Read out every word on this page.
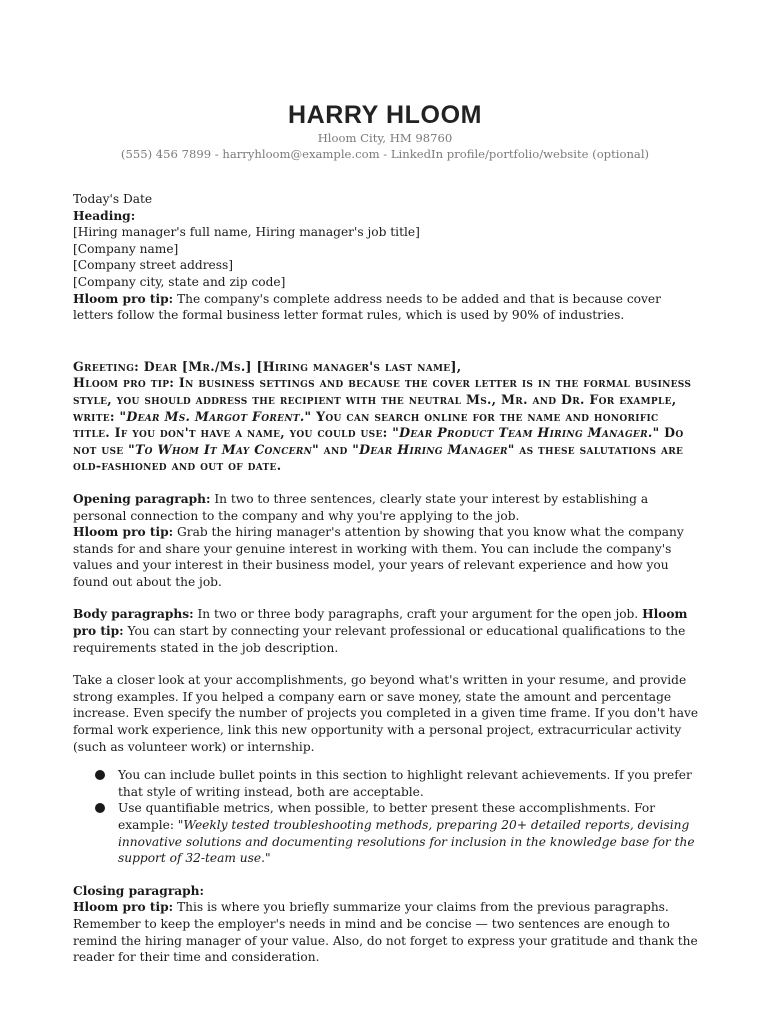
HARRY HLOOM
Hloom City, HM 98760
(555) 456 7899 - harryhloom@example.com - LinkedIn profile/portfolio/website (optional)

Today's Date

Heading:

[Hiring manager's full name, Hiring manager's job title]

[Company name]

[Company street address]

[Company city, state and zip code]

Hloom pro tip: The company's complete address needs to be added and that is because cover letters follow the formal business letter format rules, which is used by 90% of industries.

Greeting: Dear [Mr./Ms.] [Hiring manager's last name],

Hloom pro tip: In business settings and because the cover letter is in the formal business style, you should address the recipient with the neutral Ms., Mr. and Dr. For example, write: "Dear Ms. Margot Forent." You can search online for the name and honorific title. If you don't have a name, you could use: "Dear Product Team Hiring Manager." Do not use "To Whom It May Concern" and "Dear Hiring Manager" as these salutations are old-fashioned and out of date.

Opening paragraph: In two to three sentences, clearly state your interest by establishing a personal connection to the company and why you're applying to the job.

Hloom pro tip: Grab the hiring manager's attention by showing that you know what the company stands for and share your genuine interest in working with them. You can include the company's values and your interest in their business model, your years of relevant experience and how you found out about the job.

Body paragraphs: In two or three body paragraphs, craft your argument for the open job. Hloom pro tip: You can start by connecting your relevant professional or educational qualifications to the requirements stated in the job description.

Take a closer look at your accomplishments, go beyond what's written in your resume, and provide strong examples. If you helped a company earn or save money, state the amount and percentage increase. Even specify the number of projects you completed in a given time frame. If you don't have formal work experience, link this new opportunity with a personal project, extracurricular activity (such as volunteer work) or internship.

You can include bullet points in this section to highlight relevant achievements. If you prefer that style of writing instead, both are acceptable.
Use quantifiable metrics, when possible, to better present these accomplishments. For example: "Weekly tested troubleshooting methods, preparing 20+ detailed reports, devising innovative solutions and documenting resolutions for inclusion in the knowledge base for the support of 32-team use."

Closing paragraph:

Hloom pro tip: This is where you briefly summarize your claims from the previous paragraphs. Remember to keep the employer's needs in mind and be concise — two sentences are enough to remind the hiring manager of your value. Also, do not forget to express your gratitude and thank the reader for their time and consideration.
